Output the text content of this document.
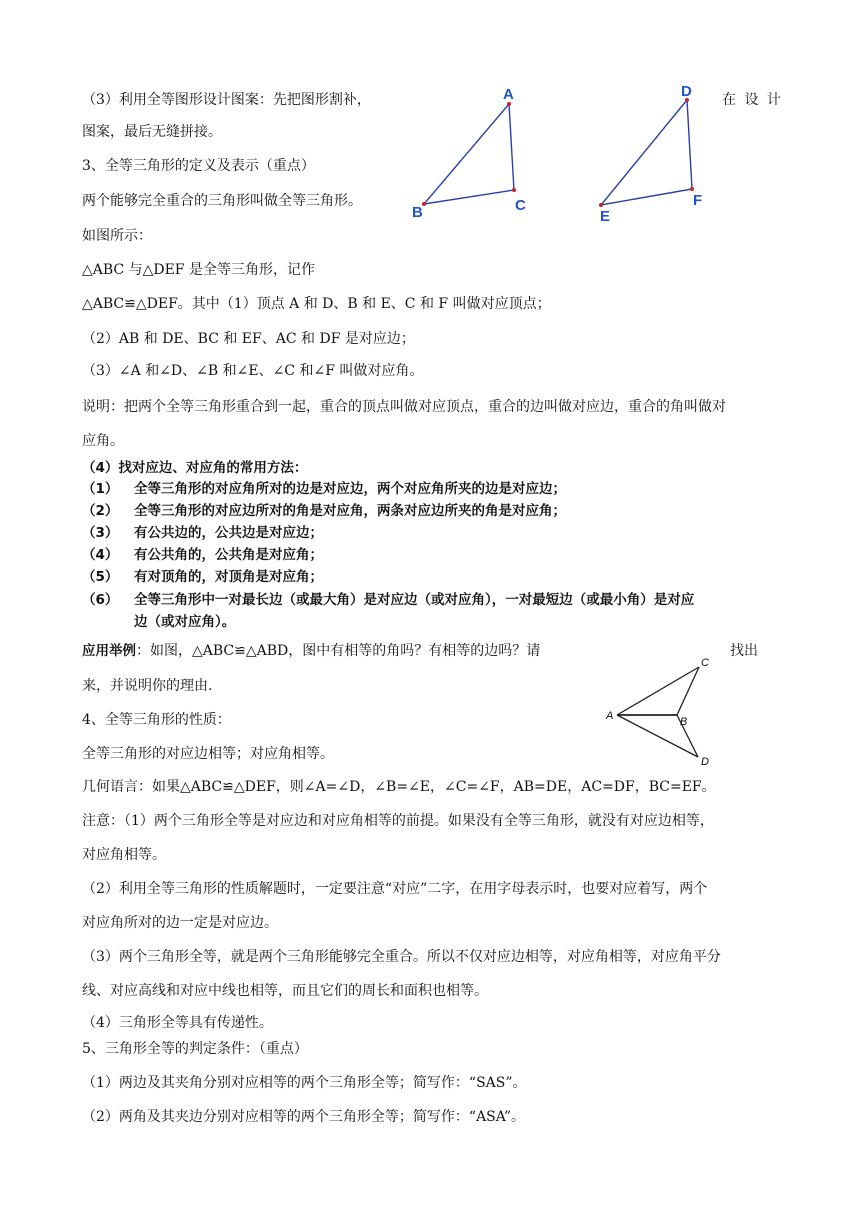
（3）利用全等图形设计图案：先把图形割补，	在 设 计
图案，最后无缝拼接。
3、全等三角形的定义及表示（重点）
两个能够完全重合的三角形叫做全等三角形。
如图所示：
△ABC 与△DEF 是全等三角形，记作
△ABC≌△DEF。其中（1）顶点 A 和 D、B 和 E、C 和 F 叫做对应顶点；
（2）AB 和 DE、BC 和 EF、AC 和 DF 是对应边；
（3）∠A 和∠D、∠B 和∠E、∠C 和∠F 叫做对应角。
说明：把两个全等三角形重合到一起，重合的顶点叫做对应顶点，重合的边叫做对应边，重合的角叫做对
应角。
（4）找对应边、对应角的常用方法：
（1） 全等三角形的对应角所对的边是对应边，两个对应角所夹的边是对应边；
（2） 全等三角形的对应边所对的角是对应角，两条对应边所夹的角是对应角；
（3） 有公共边的，公共边是对应边；
（4） 有公共角的，公共角是对应角；
（5） 有对顶角的，对顶角是对应角；
（6） 全等三角形中一对最长边（或最大角）是对应边（或对应角），一对最短边（或最小角）是对应
边（或对应角）。
应用举例：如图，△ABC≌△ABD，图中有相等的角吗？有相等的边吗？请	找出
来，并说明你的理由.
4、全等三角形的性质：
全等三角形的对应边相等；对应角相等。
几何语言：如果△ABC≌△DEF，则∠A=∠D，∠B=∠E，∠C=∠F，AB=DE，AC=DF，BC=EF。
注意：（1）两个三角形全等是对应边和对应角相等的前提。如果没有全等三角形，就没有对应边相等，
对应角相等。
（2）利用全等三角形的性质解题时，一定要注意“对应”二字，在用字母表示时，也要对应着写，两个
对应角所对的边一定是对应边。
（3）两个三角形全等，就是两个三角形能够完全重合。所以不仅对应边相等，对应角相等，对应角平分
线、对应高线和对应中线也相等，而且它们的周长和面积也相等。
（4）三角形全等具有传递性。
5、三角形全等的判定条件：（重点）
（1）两边及其夹角分别对应相等的两个三角形全等；简写作：“SAS”。
（2）两角及其夹边分别对应相等的两个三角形全等；简写作：“ASA”。
A
B	C
D
E
F
A	B
C
D
